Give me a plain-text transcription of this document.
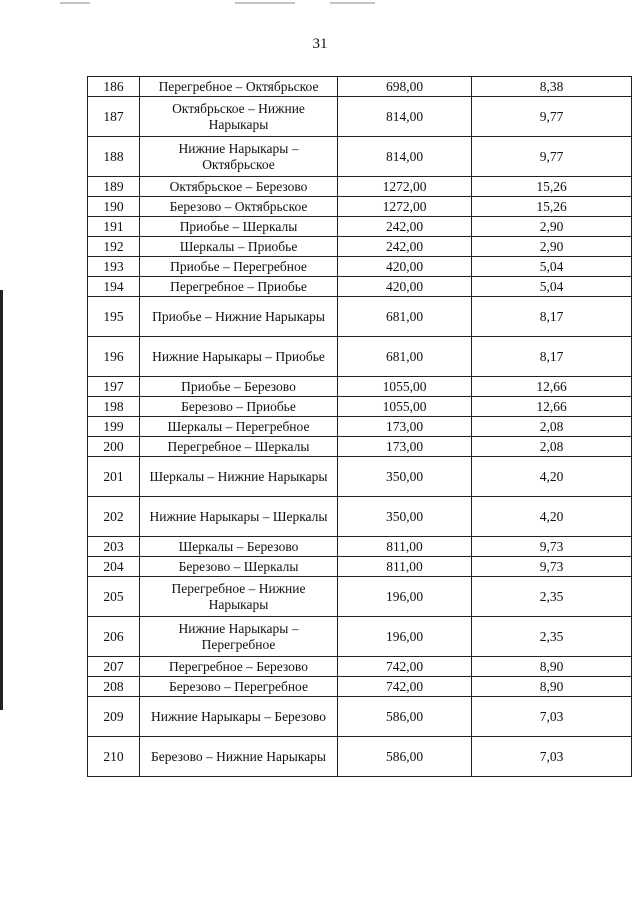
31
186	Перегребное – Октябрьское	698,00	8,38
187	Октябрьское – Нижние Нарыкары	814,00	9,77
188	Нижние Нарыкары – Октябрьское	814,00	9,77
189	Октябрьское – Березово	1272,00	15,26
190	Березово – Октябрьское	1272,00	15,26
191	Приобье – Шеркалы	242,00	2,90
192	Шеркалы – Приобье	242,00	2,90
193	Приобье – Перегребное	420,00	5,04
194	Перегребное – Приобье	420,00	5,04
195	Приобье – Нижние Нарыкары	681,00	8,17
196	Нижние Нарыкары – Приобье	681,00	8,17
197	Приобье – Березово	1055,00	12,66
198	Березово – Приобье	1055,00	12,66
199	Шеркалы – Перегребное	173,00	2,08
200	Перегребное – Шеркалы	173,00	2,08
201	Шеркалы – Нижние Нарыкары	350,00	4,20
202	Нижние Нарыкары – Шеркалы	350,00	4,20
203	Шеркалы – Березово	811,00	9,73
204	Березово – Шеркалы	811,00	9,73
205	Перегребное – Нижние Нарыкары	196,00	2,35
206	Нижние Нарыкары – Перегребное	196,00	2,35
207	Перегребное – Березово	742,00	8,90
208	Березово – Перегребное	742,00	8,90
209	Нижние Нарыкары – Березово	586,00	7,03
210	Березово – Нижние Нарыкары	586,00	7,03
